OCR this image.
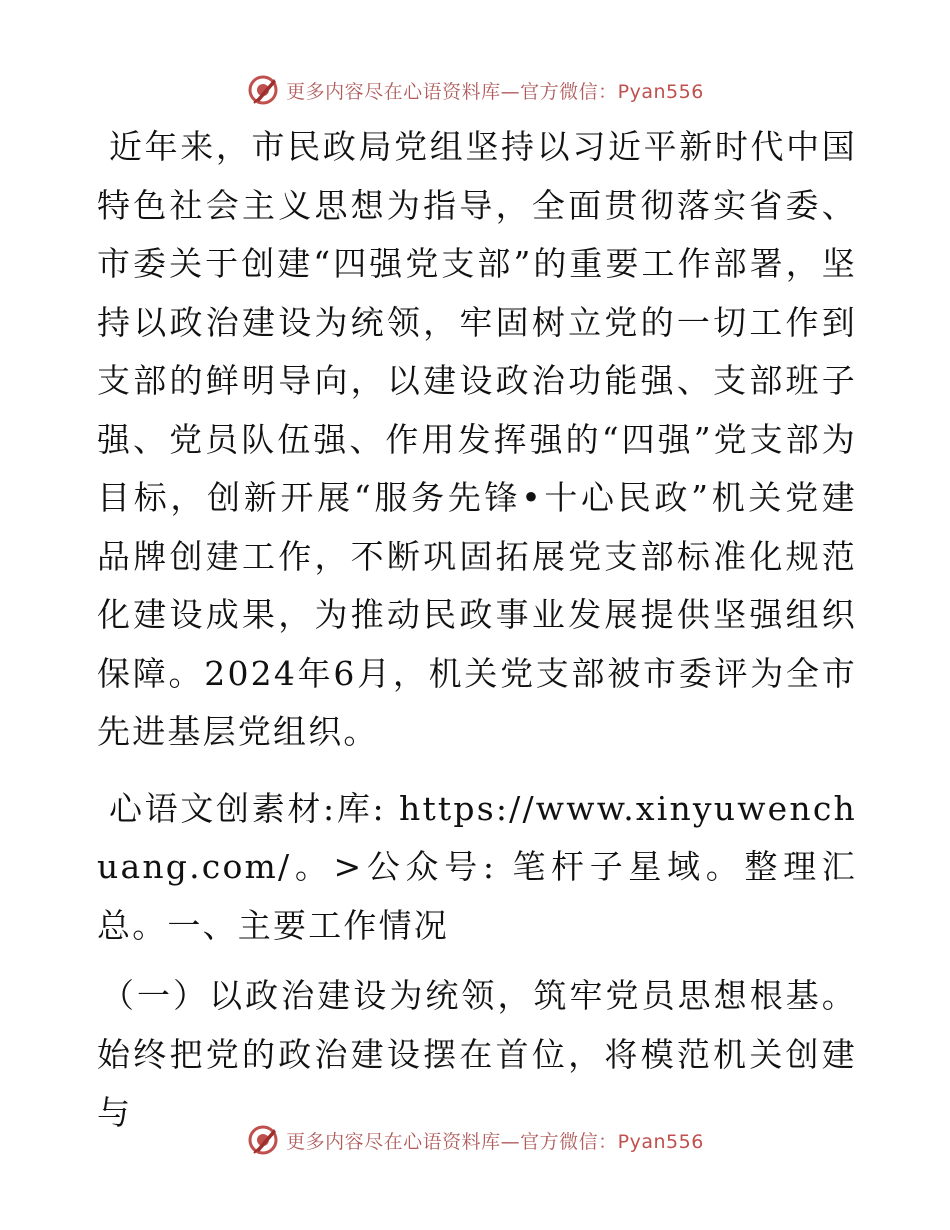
更多内容尽在心语资料库—官方微信：Pyan556

近年来，市民政局党组坚持以习近平新时代中国特色社会主义思想为指导，全面贯彻落实省委、市委关于创建“四强党支部”的重要工作部署，坚持以政治建设为统领，牢固树立党的一切工作到支部的鲜明导向，以建设政治功能强、支部班子强、党员队伍强、作用发挥强的“四强”党支部为目标，创新开展“服务先锋•十心民政”机关党建品牌创建工作，不断巩固拓展党支部标准化规范化建设成果，为推动民政事业发展提供坚强组织保障。2024年6月，机关党支部被市委评为全市先进基层党组织。

心语文创素材:库: https://www.xinyuwenchuang.com/。>公众号: 笔杆子星域。整理汇总。一、主要工作情况

（一）以政治建设为统领，筑牢党员思想根基。始终把党的政治建设摆在首位，将模范机关创建与

更多内容尽在心语资料库—官方微信：Pyan556
